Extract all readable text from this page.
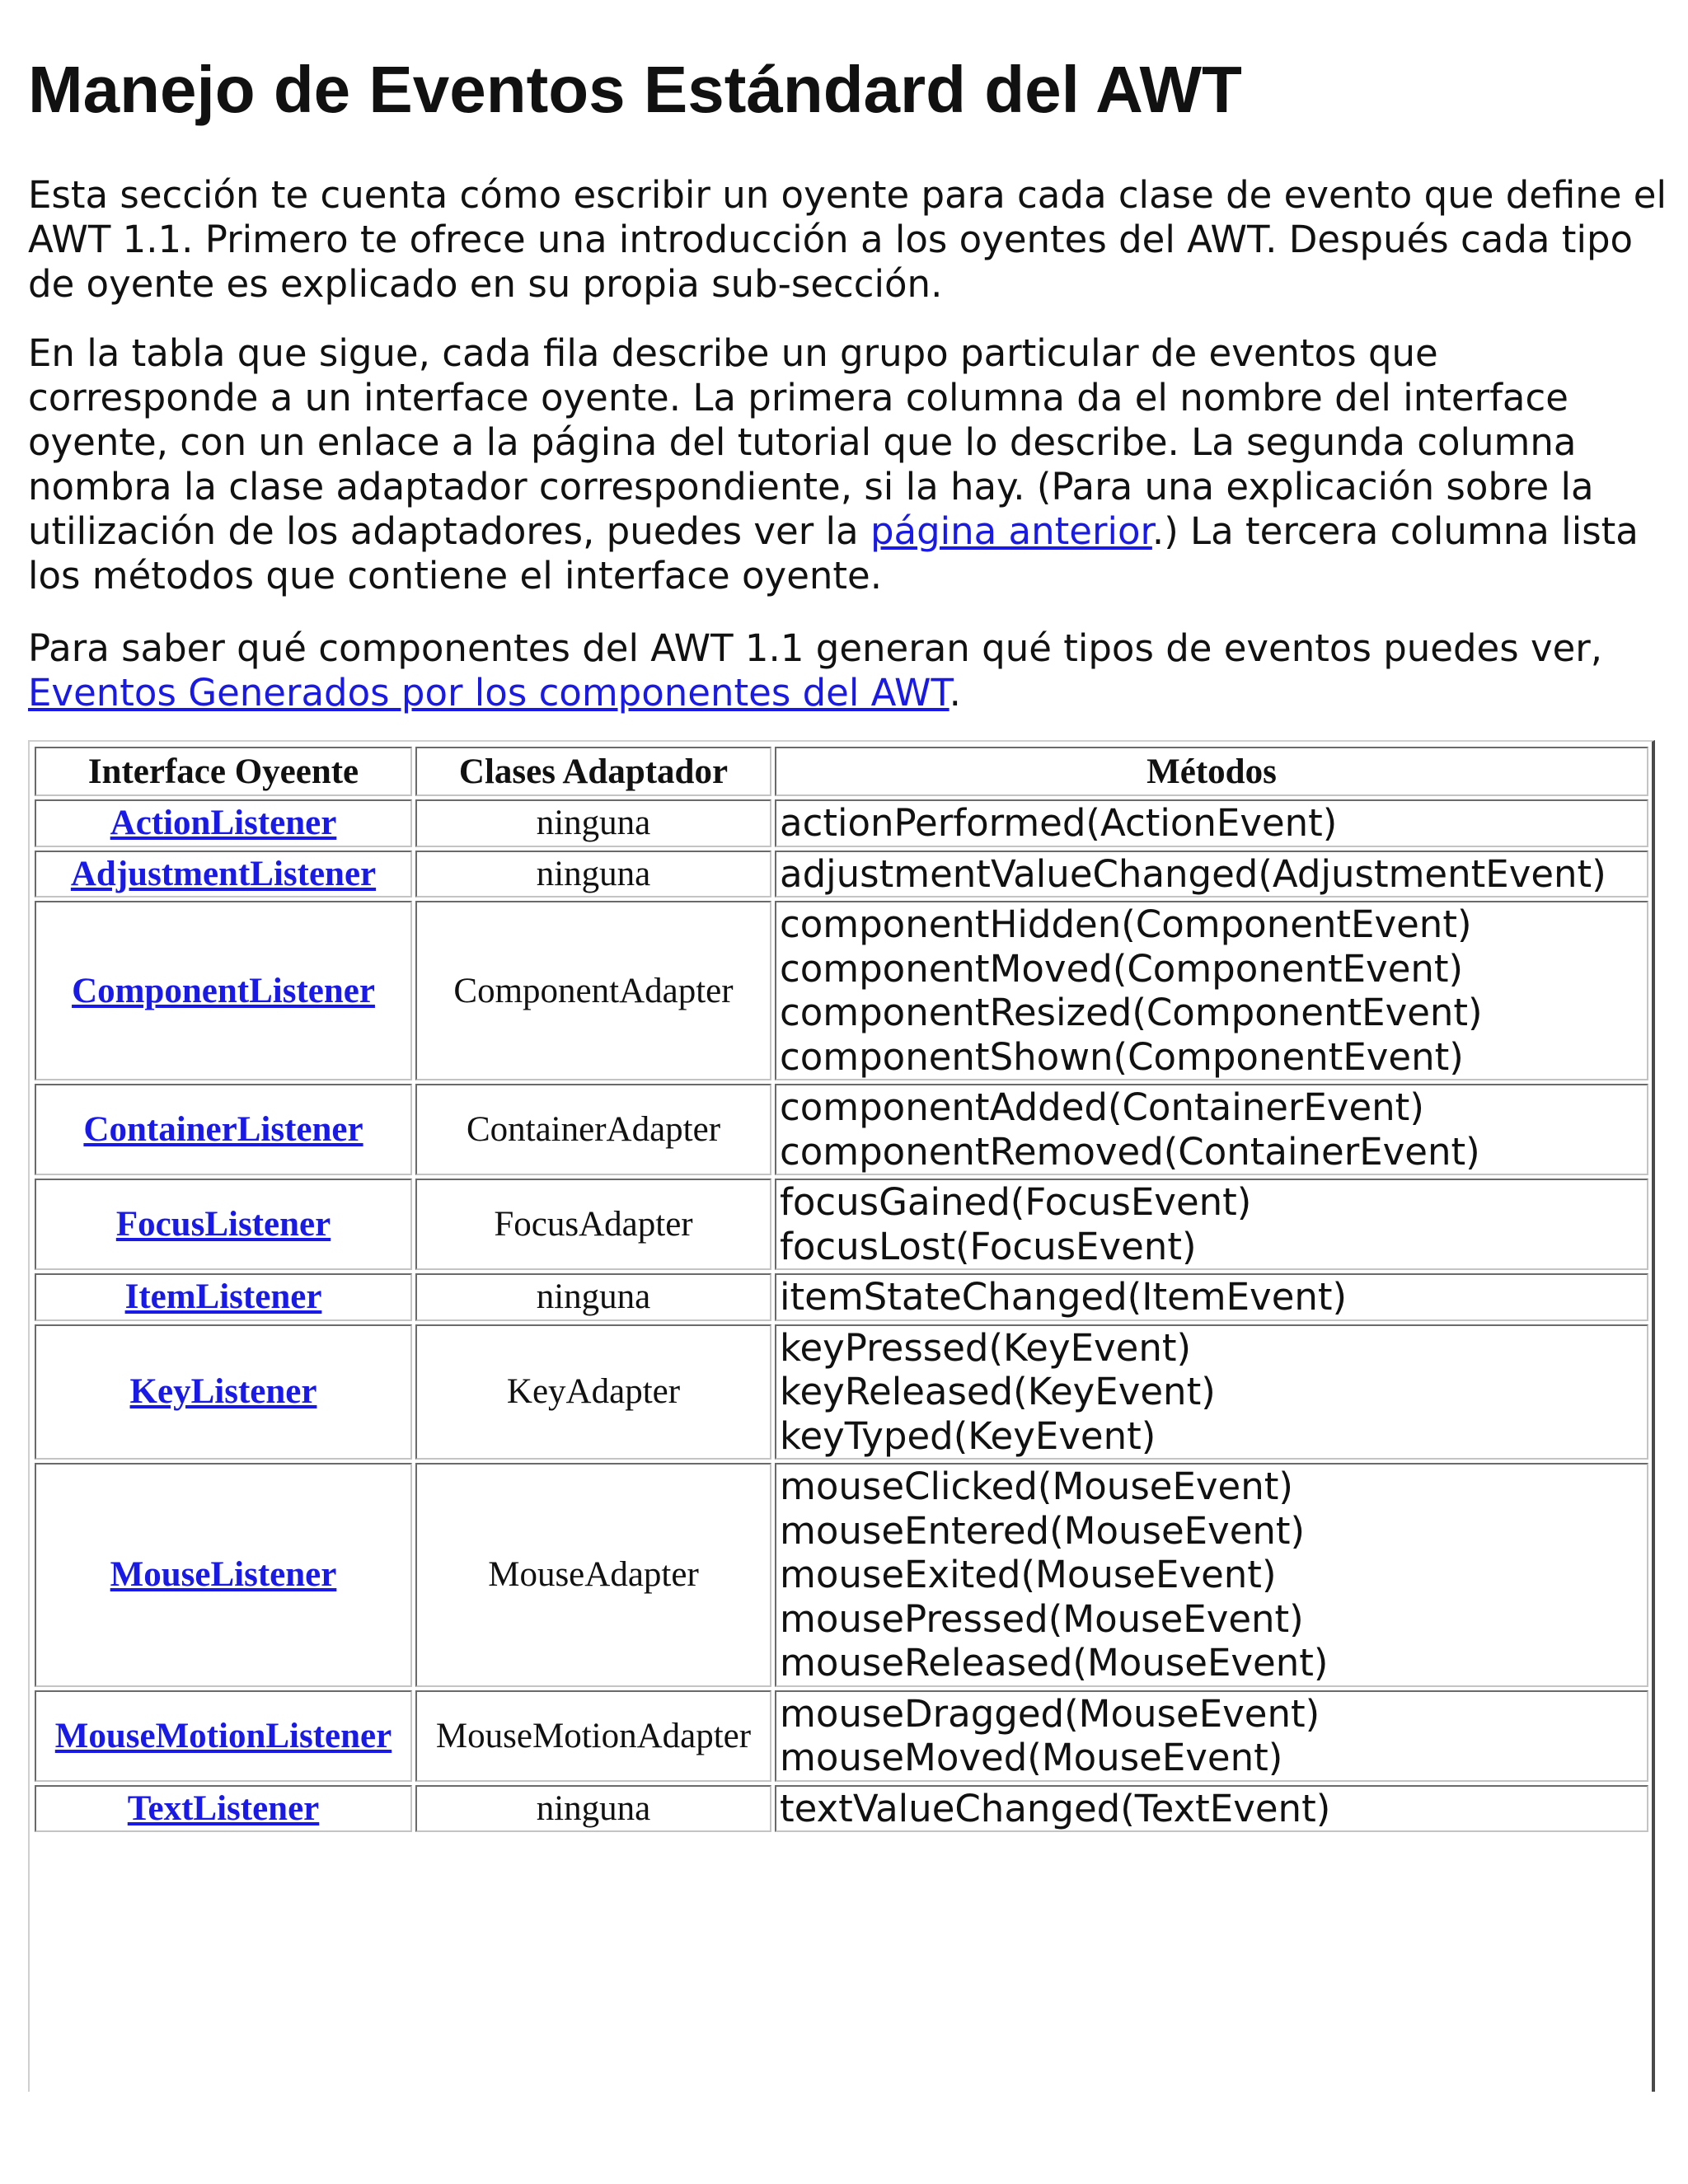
Manejo de Eventos Estándard del AWT

Esta sección te cuenta cómo escribir un oyente para cada clase de evento que define el AWT 1.1. Primero te ofrece una introducción a los oyentes del AWT. Después cada tipo de oyente es explicado en su propia sub-sección.

En la tabla que sigue, cada fila describe un grupo particular de eventos que corresponde a un interface oyente. La primera columna da el nombre del interface oyente, con un enlace a la página del tutorial que lo describe. La segunda columna nombra la clase adaptador correspondiente, si la hay. (Para una explicación sobre la utilización de los adaptadores, puedes ver la página anterior.) La tercera columna lista los métodos que contiene el interface oyente.

Para saber qué componentes del AWT 1.1 generan qué tipos de eventos puedes ver, Eventos Generados por los componentes del AWT.

Interface Oyeente	Clases Adaptador	Métodos
ActionListener	ninguna	actionPerformed(ActionEvent)

AdjustmentListener	ninguna	adjustmentValueChanged(AdjustmentEvent)

ComponentListener	ComponentAdapter	componentHidden(ComponentEvent)
componentMoved(ComponentEvent)
componentResized(ComponentEvent)
componentShown(ComponentEvent)

ContainerListener	ContainerAdapter	componentAdded(ContainerEvent)
componentRemoved(ContainerEvent)

FocusListener	FocusAdapter	focusGained(FocusEvent)
focusLost(FocusEvent)

ItemListener	ninguna	itemStateChanged(ItemEvent)

KeyListener	KeyAdapter	keyPressed(KeyEvent)
keyReleased(KeyEvent)
keyTyped(KeyEvent)

MouseListener	MouseAdapter	mouseClicked(MouseEvent)
mouseEntered(MouseEvent)
mouseExited(MouseEvent)
mousePressed(MouseEvent)
mouseReleased(MouseEvent)

MouseMotionListener	MouseMotionAdapter	mouseDragged(MouseEvent)
mouseMoved(MouseEvent)

TextListener	ninguna	textValueChanged(TextEvent)
